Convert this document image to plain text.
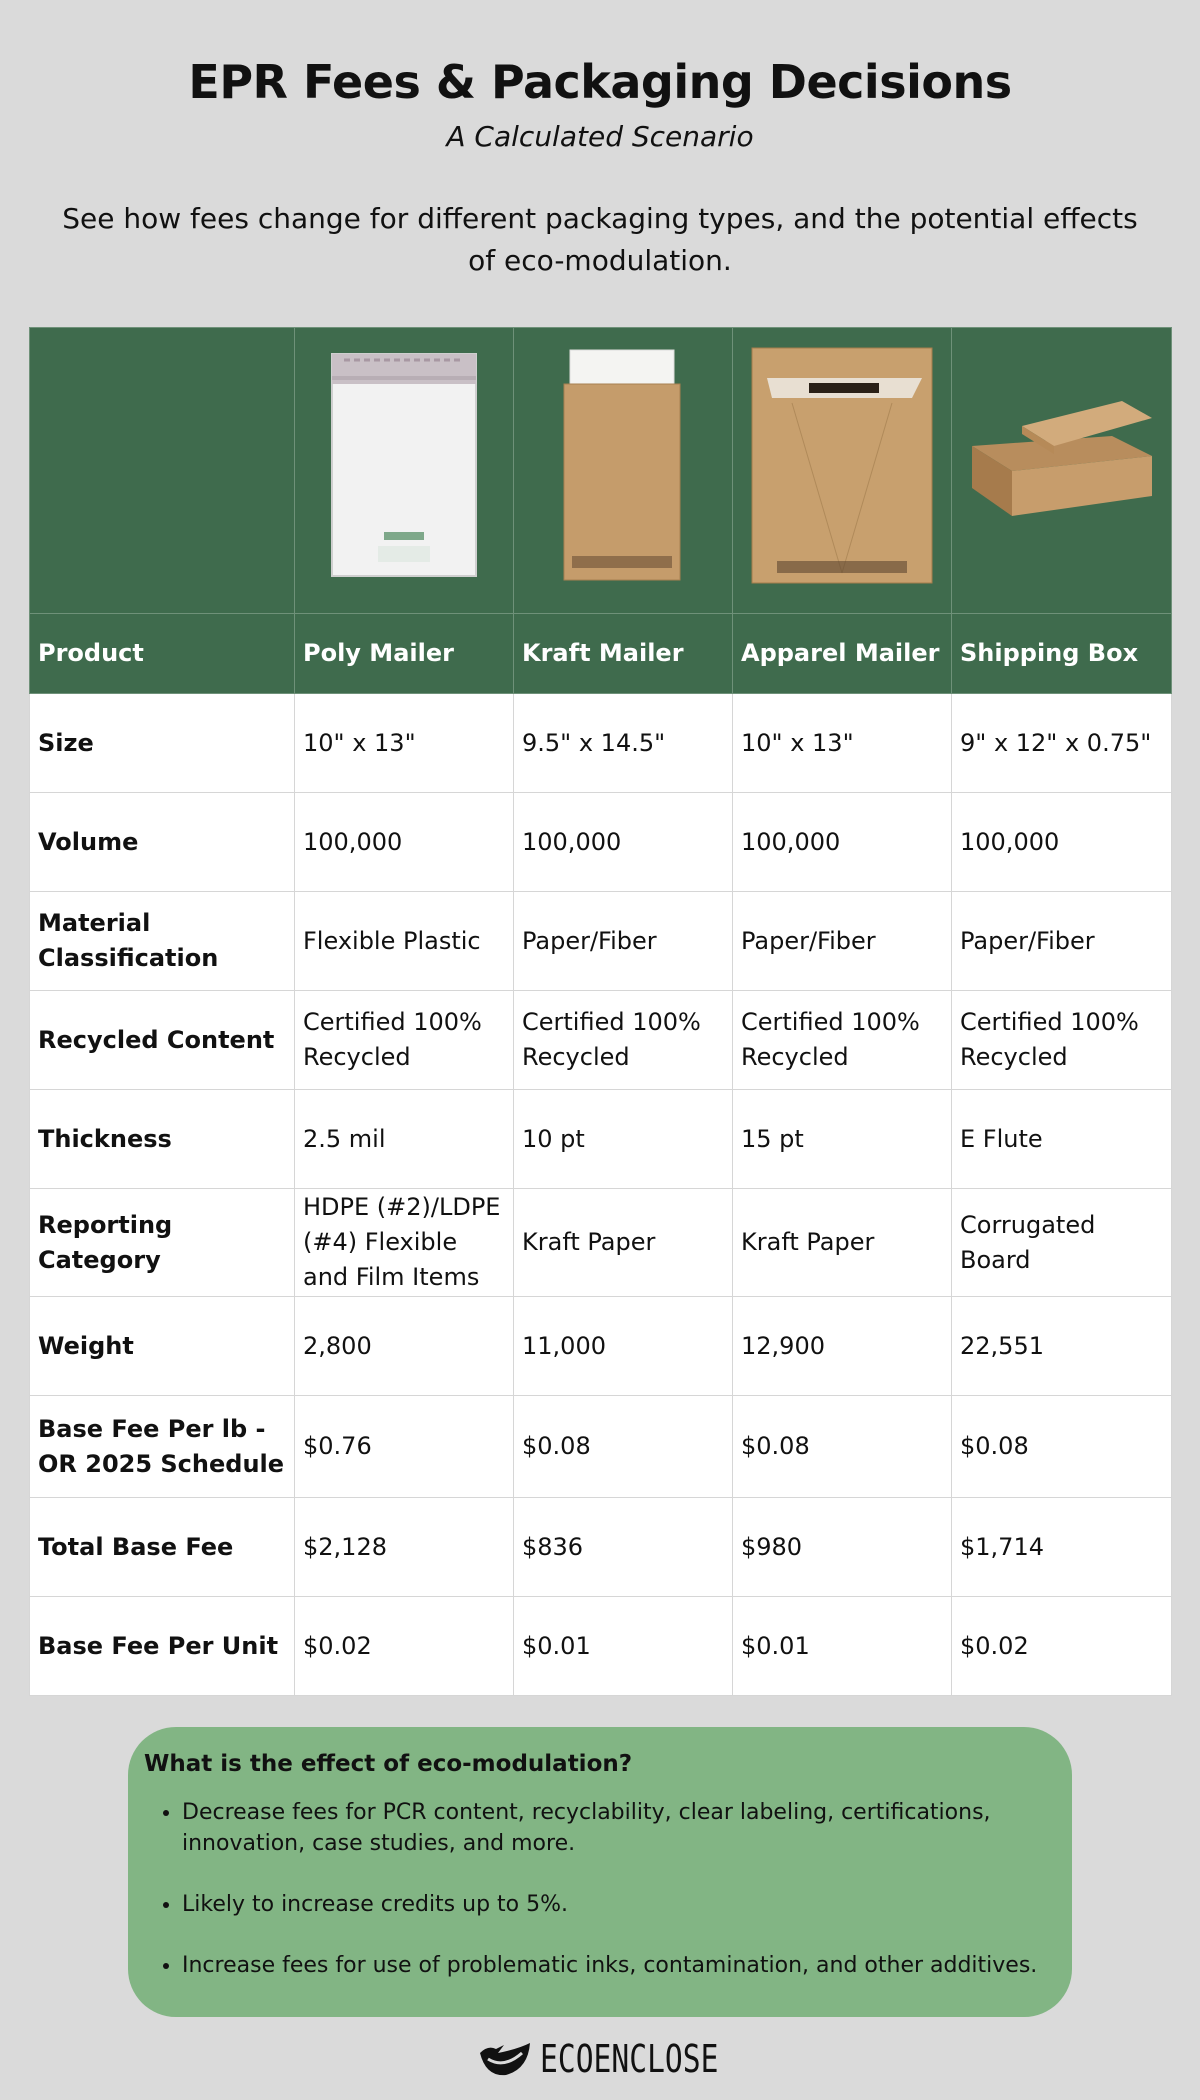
EPR Fees & Packaging Decisions
A Calculated Scenario
See how fees change for different packaging types, and the potential effects of eco-modulation.

Product	Poly Mailer	Kraft Mailer	Apparel Mailer	Shipping Box
Size	10" x 13"	9.5" x 14.5"	10" x 13"	9" x 12" x 0.75"
Volume	100,000	100,000	100,000	100,000
Material Classification	Flexible Plastic	Paper/Fiber	Paper/Fiber	Paper/Fiber
Recycled Content	Certified 100% Recycled	Certified 100% Recycled	Certified 100% Recycled	Certified 100% Recycled
Thickness	2.5 mil	10 pt	15 pt	E Flute
Reporting Category	HDPE (#2)/LDPE (#4) Flexible and Film Items	Kraft Paper	Kraft Paper	Corrugated Board
Weight	2,800	11,000	12,900	22,551
Base Fee Per lb - OR 2025 Schedule	$0.76	$0.08	$0.08	$0.08
Total Base Fee	$2,128	$836	$980	$1,714
Base Fee Per Unit	$0.02	$0.01	$0.01	$0.02
What is the effect of eco-modulation?
• Decrease fees for PCR content, recyclability, clear labeling, certifications, innovation, case studies, and more.
• Likely to increase credits up to 5%.
• Increase fees for use of problematic inks, contamination, and other additives.
ECOENCLOSE
